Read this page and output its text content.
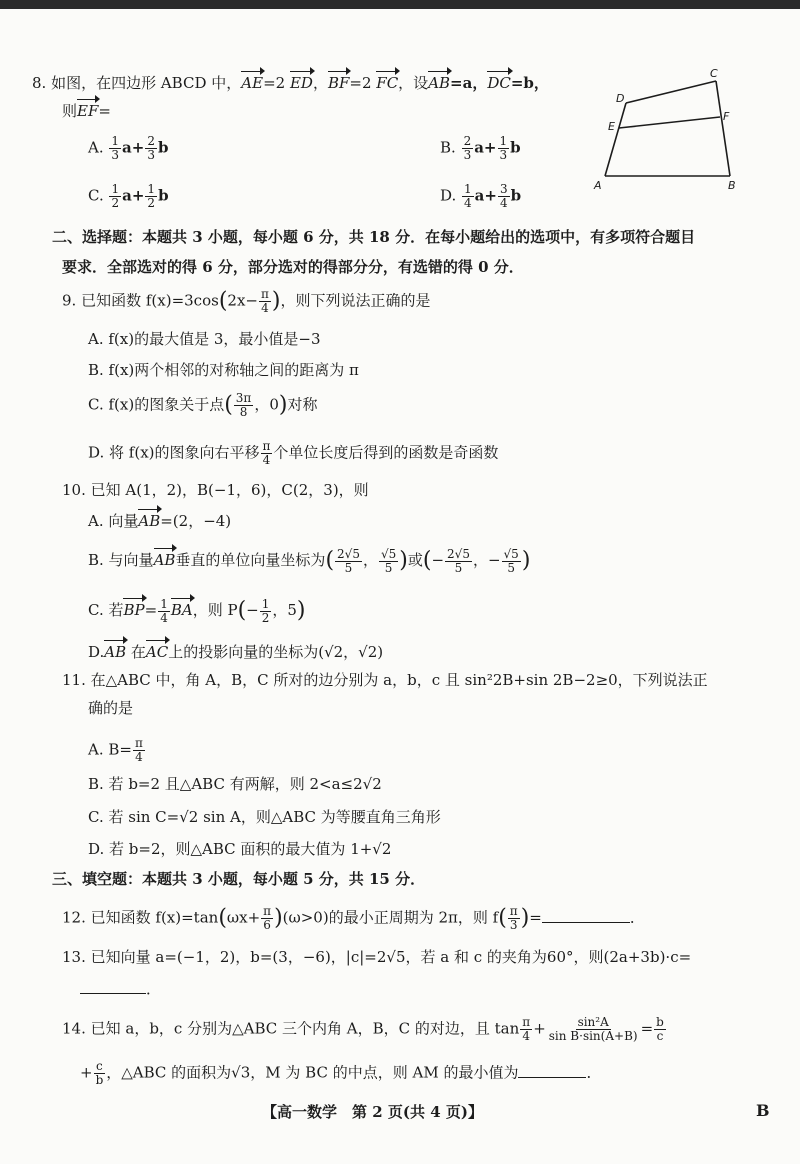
8. 如图，在四边形 ABCD 中，AE=2 ED，BF=2 FC，设AB=a，DC=b，
则EF=
A. $\frac{1}{3} a+ \frac{2}{3}$ b	B. $\frac{2}{3} a+ \frac{1}{3}$ b
C. $\frac{1}{2} a+ \frac{1}{2}$ b	D. $\frac{1}{4} a+ \frac{3}{4}$ b
A	B
C
D
E
F
二、选择题：本题共 3 小题，每小题 6 分，共 18 分．在每小题给出的选项中，有多项符合题目
要求．全部选对的得 6 分，部分选对的得部分分，有选错的得 0 分．
9. 已知函数 $f(x)=3\cos(2x- \frac{\pi}{4}$ )，则下列说法正确的是
A. f(x)的最大值是 3，最小值是−3
B. f(x)两个相邻的对称轴之间的距离为 π
C. f(x)的图象关于点( $\frac{3\pi}{8}$ ，0)对称
D. 将 f(x)的图象向右平移 $\frac{\pi}{4}$ 个单位长度后得到的函数是奇函数
10. 已知 A(1，2)，B(−1，6)，C(2，3)，则
A. 向量AB=(2，−4)
B. 与向量AB垂直的单位向量坐标为( $\frac{2√5}{5}$ ， $\frac{√5}{5}$ )或(− $\frac{2√5}{5}$ ，− $\frac{√5}{5}$ )
C. 若$BP= \frac{1}{4}$ BA，则 $P(- \frac{1}{2}$ ，5)
D.AB 在AC上的投影向量的坐标为(√2，√2)
11. 在△ABC 中，角 A，B，C 所对的边分别为 a，b，c 且 sin²2B+sin 2B−2≥0，下列说法正
确的是
A. $B= \frac{\pi}{4}$
B. 若 b=2 且△ABC 有两解，则 2<a≤2√2
C. 若 sin C=√2 sin A，则△ABC 为等腰直角三角形
D. 若 b=2，则△ABC 面积的最大值为 1+√2
三、填空题：本题共 3 小题，每小题 5 分，共 15 分．
12. 已知函数 $f(x)=\tan(\omega x+ \frac{\pi}{6} )(\omega>0)$的最小正周期为 2π，则 $f( \frac{\pi}{3}$ )=	．
13. 已知向量 a=(−1，2)，b=(3，−6)，|c|=2√5，若 a 和 c 的夹角为60°，则(2a+3b)·c=
．
14. 已知 a，b，c 分别为△ABC 三个内角 A，B，C 的对边，且 $\tan \frac{\pi}{4} + \frac{\text{sin²A}}{\text{sin B·sin(A+B)}} = \frac{b}{c}$
+ $\frac{c}{b}$ ，△ABC 的面积为√3，M 为 BC 的中点，则 AM 的最小值为	．
【高一数学　第 2 页(共 4 页)】	B
